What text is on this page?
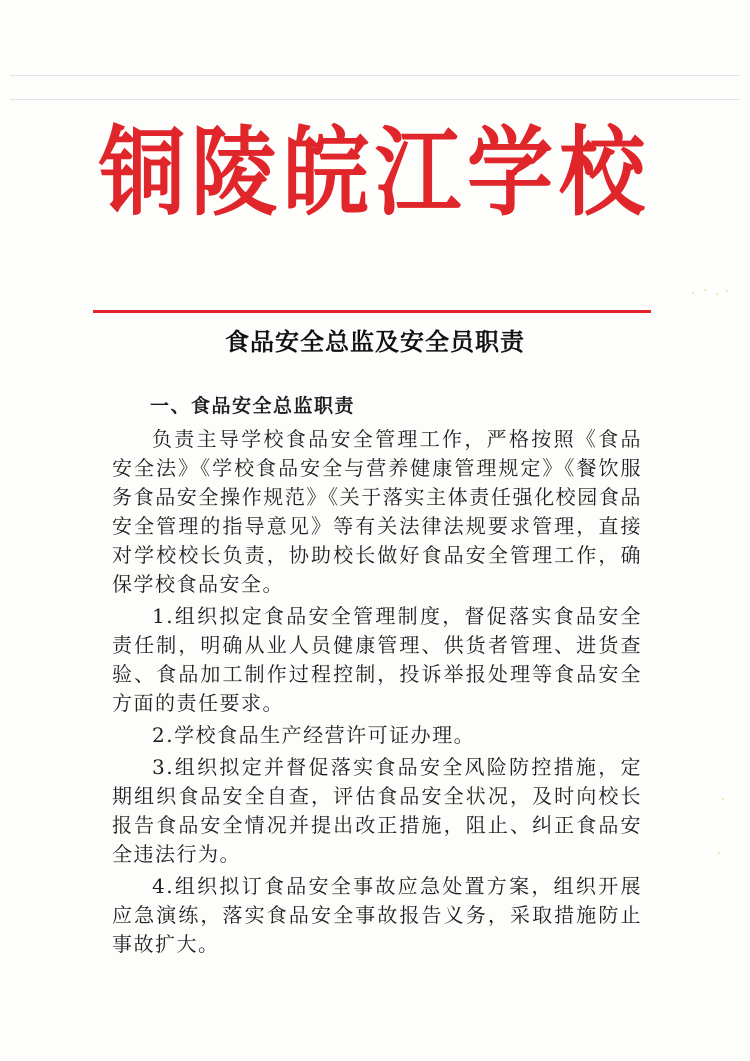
铜陵皖江学校
食品安全总监及安全员职责

一、食品安全总监职责

负责主导学校食品安全管理工作，严格按照《食品安全法》《学校食品安全与营养健康管理规定》《餐饮服务食品安全操作规范》《关于落实主体责任强化校园食品安全管理的指导意见》等有关法律法规要求管理，直接对学校校长负责，协助校长做好食品安全管理工作，确保学校食品安全。

1.组织拟定食品安全管理制度，督促落实食品安全责任制，明确从业人员健康管理、供货者管理、进货查验、食品加工制作过程控制，投诉举报处理等食品安全方面的责任要求。

2.学校食品生产经营许可证办理。

3.组织拟定并督促落实食品安全风险防控措施，定期组织食品安全自查，评估食品安全状况，及时向校长报告食品安全情况并提出改正措施，阻止、纠正食品安全违法行为。

4.组织拟订食品安全事故应急处置方案，组织开展应急演练，落实食品安全事故报告义务，采取措施防止事故扩大。
